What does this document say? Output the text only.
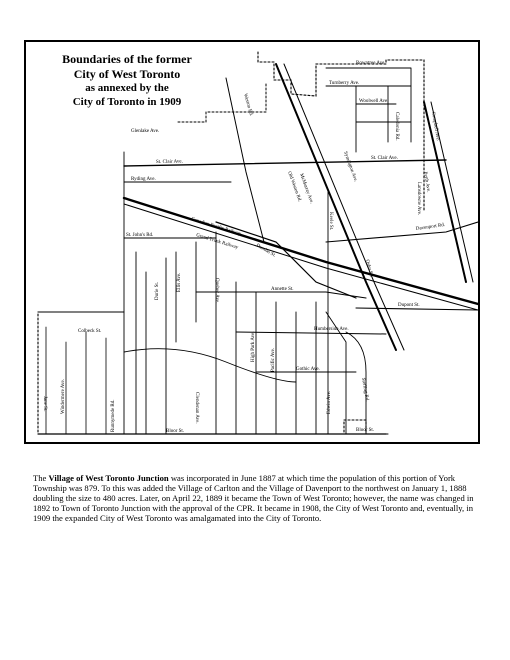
Rowntree Ave.
Turnberry Ave.
Woolwell Ave.
St. Clair Ave.
St. Clair Ave.
Ryding Ave.
Canadian Pacific Railway
Grand Trunk Railway
St. John's Rd.
Keele St.
Annette St.
Dupont St.
Davenport Rd.
Lansdowne Ave.
Caledonia Rd.
Weston Rd.
Runnymede Rd.	Bloor St.	Bloor St.
Dundas St.
Glenlake Ave.
Quebec Ave.
Clendenan Ave.
High Park Ave.	Pacific Ave.	Gothic Ave.
Humberside Ave.
Colbeck St.
Jane St.	Windermere Ave.
Durie St.	Ellis Ave.
Old Weston Rd.
McMurray Ave.
Symington Ave.
Edwin Ave.
Sterling Rd.
Campbell Ave.
Perth Ave.
Osler St.
Boundaries of the former
City of West Toronto
as annexed by the
City of Toronto in 1909

The Village of West Toronto Junction was incorporated in June 1887 at which time the population of this portion of York Township was 879. To this was added the Village of Carlton and the Village of Davenport to the northwest on January 1, 1888 doubling the size to 480 acres. Later, on April 22, 1889 it became the Town of West Toronto; however, the name was changed in 1892 to Town of Toronto Junction with the approval of the CPR. It became in 1908, the City of West Toronto and, eventually, in 1909 the expanded City of West Toronto was amalgamated into the City of Toronto.
